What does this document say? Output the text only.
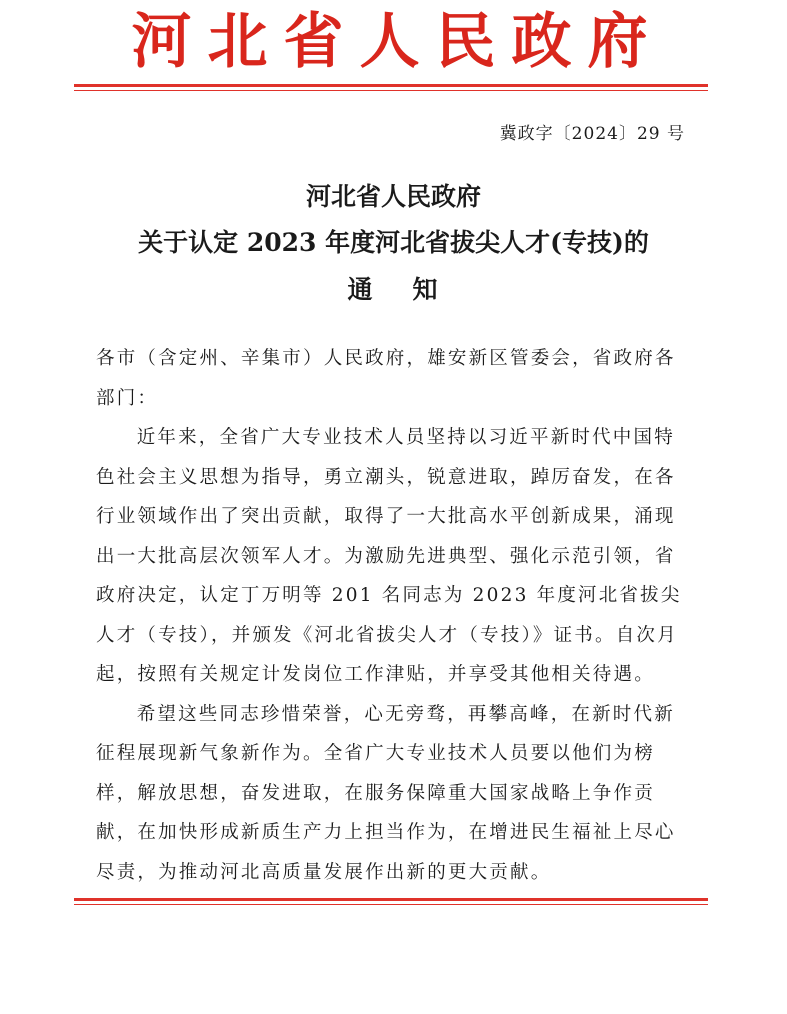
河北省人民政府
冀政字〔2024〕29 号
河北省人民政府
关于认定 2023 年度河北省拔尖人才(专技)的
通知

各市（含定州、辛集市）人民政府，雄安新区管委会，省政府各部门：

近年来，全省广大专业技术人员坚持以习近平新时代中国特色社会主义思想为指导，勇立潮头，锐意进取，踔厉奋发，在各行业领域作出了突出贡献，取得了一大批高水平创新成果，涌现出一大批高层次领军人才。为激励先进典型、强化示范引领，省政府决定，认定丁万明等 201 名同志为 2023 年度河北省拔尖人才（专技），并颁发《河北省拔尖人才（专技）》证书。自次月起，按照有关规定计发岗位工作津贴，并享受其他相关待遇。

希望这些同志珍惜荣誉，心无旁骛，再攀高峰，在新时代新征程展现新气象新作为。全省广大专业技术人员要以他们为榜样，解放思想，奋发进取，在服务保障重大国家战略上争作贡献，在加快形成新质生产力上担当作为，在增进民生福祉上尽心尽责，为推动河北高质量发展作出新的更大贡献。
